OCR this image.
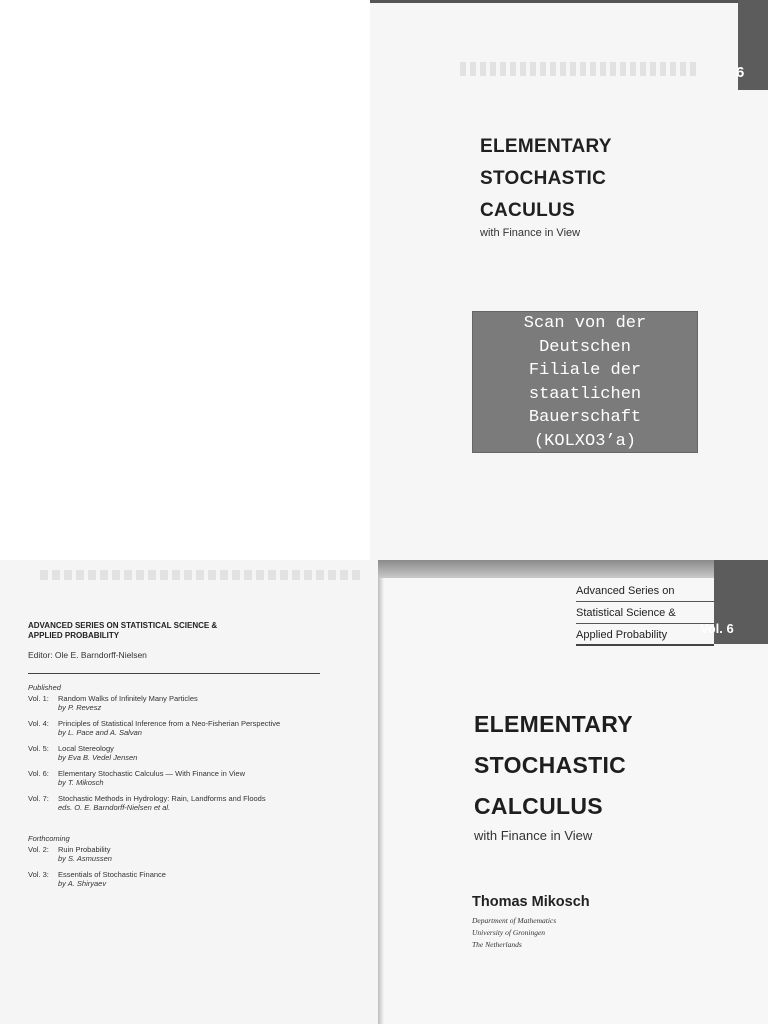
6
ELEMENTARY
STOCHASTIC
CACULUS
with Finance in View
Scan von der
Deutschen
Filiale der
staatlichen
Bauerschaft
(KOLXO3’a)
ADVANCED SERIES ON STATISTICAL SCIENCE &
APPLIED PROBABILITY
Editor: Ole E. Barndorff-Nielsen
Published
Vol. 1:	Random Walks of Infinitely Many Particles
by P. Revesz
Vol. 4:	Principles of Statistical Inference from a Neo-Fisherian Perspective
by L. Pace and A. Salvan
Vol. 5:	Local Stereology
by Eva B. Vedel Jensen
Vol. 6:	Elementary Stochastic Calculus — With Finance in View
by T. Mikosch
Vol. 7:	Stochastic Methods in Hydrology: Rain, Landforms and Floods
eds. O. E. Barndorff-Nielsen et al.
Forthcoming
Vol. 2:	Ruin Probability
by S. Asmussen
Vol. 3:	Essentials of Stochastic Finance
by A. Shiryaev
Advanced Series on
Statistical Science &
Applied Probability	Vol. 6
ELEMENTARY
STOCHASTIC
CALCULUS
with Finance in View
Thomas Mikosch
Department of Mathematics
University of Groningen
The Netherlands
